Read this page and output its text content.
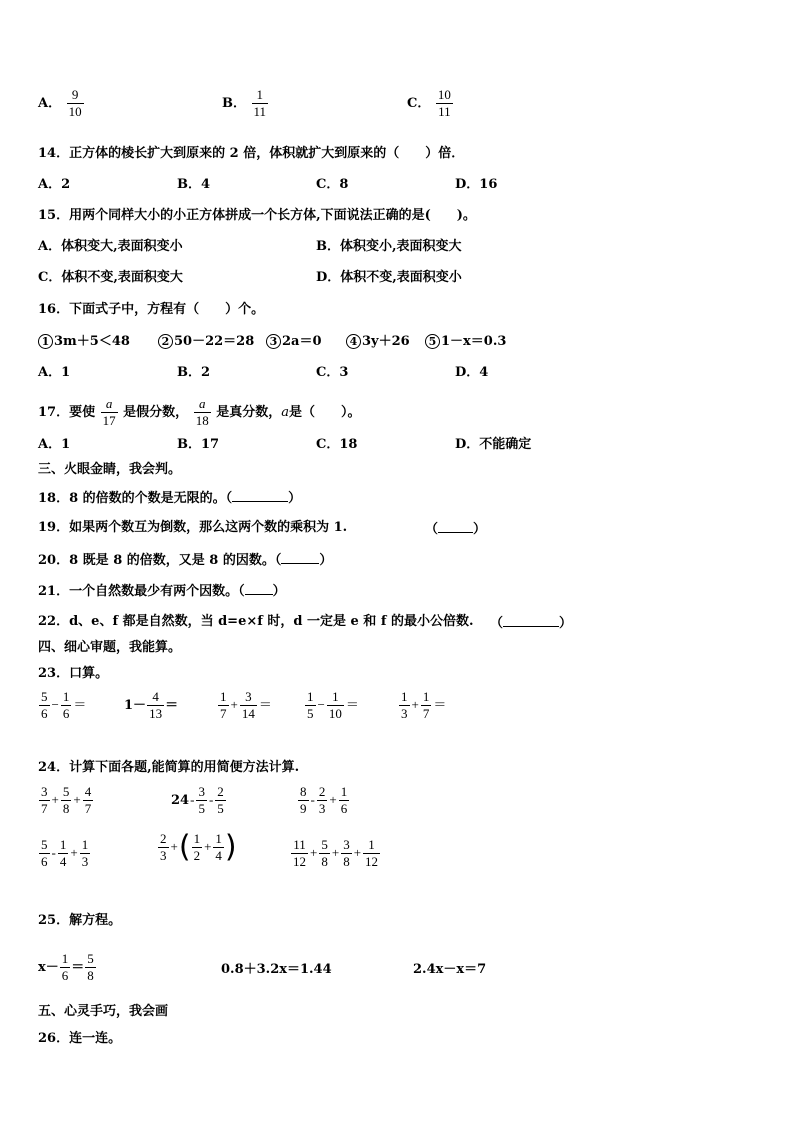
A． $\frac{9}{10}$	B． $\frac{1}{11}$	C． $\frac{10}{11}$
14．正方体的棱长扩大到原来的 2 倍，体积就扩大到原来的（　　）倍．
A．2	B．4	C．8	D．16
15．用两个同样大小的小正方体拼成一个长方体,下面说法正确的是(　　)。
A．体积变大,表面积变小	B．体积变小,表面积变大
C．体积不变,表面积变大	D．体积不变,表面积变小
16．下面式子中，方程有（　　）个。
1 3m＋5＜48	2 50－22＝28	3 2a＝0	4 3y＋26	5 1－x＝0.3
A．1	B．2	C．3	D．4
17．要使 $\frac{a}{17}$ 是假分数， $\frac{a}{18}$ 是真分数，a是（　　）。
A．1	B．17	C．18	D．不能确定
三、火眼金睛，我会判。
18．8 的倍数的个数是无限的。（	）
19．如果两个数互为倒数，那么这两个数的乘积为 1.	（	）
20．8 既是 8 的倍数，又是 8 的因数。（	）
21．一个自然数最少有两个因数。（ ）
22．d、e、f 都是自然数，当 d=e×f 时，d 一定是 e 和 f 的最小公倍数. （	）
四、细心审题，我能算。
23．口算。
$\frac{5}{6} - \frac{1}{6}$ ＝	$1- \frac{4}{13}$ ＝	$\frac{1}{7} + \frac{3}{14}$ ＝	$\frac{1}{5} - \frac{1}{10}$ ＝	$\frac{1}{3} + \frac{1}{7}$ ＝
24．计算下面各题,能简算的用简便方法计算.
$\frac{3}{7} + \frac{5}{8} + \frac{4}{7}$	$24- \frac{3}{5} - \frac{2}{5}$	$\frac{8}{9} - \frac{2}{3} + \frac{1}{6}$
$\frac{5}{6} - \frac{1}{4} + \frac{1}{3}$	$\frac{2}{3}$ +( $\frac{1}{2} + \frac{1}{4}$ )	$\frac{11}{12} + \frac{5}{8} + \frac{3}{8} + \frac{1}{12}$
25．解方程。
$x- \frac{1}{6} = \frac{5}{8}$	0.8＋3.2x＝1.44	2.4x－x＝7
五、心灵手巧，我会画
26．连一连。
